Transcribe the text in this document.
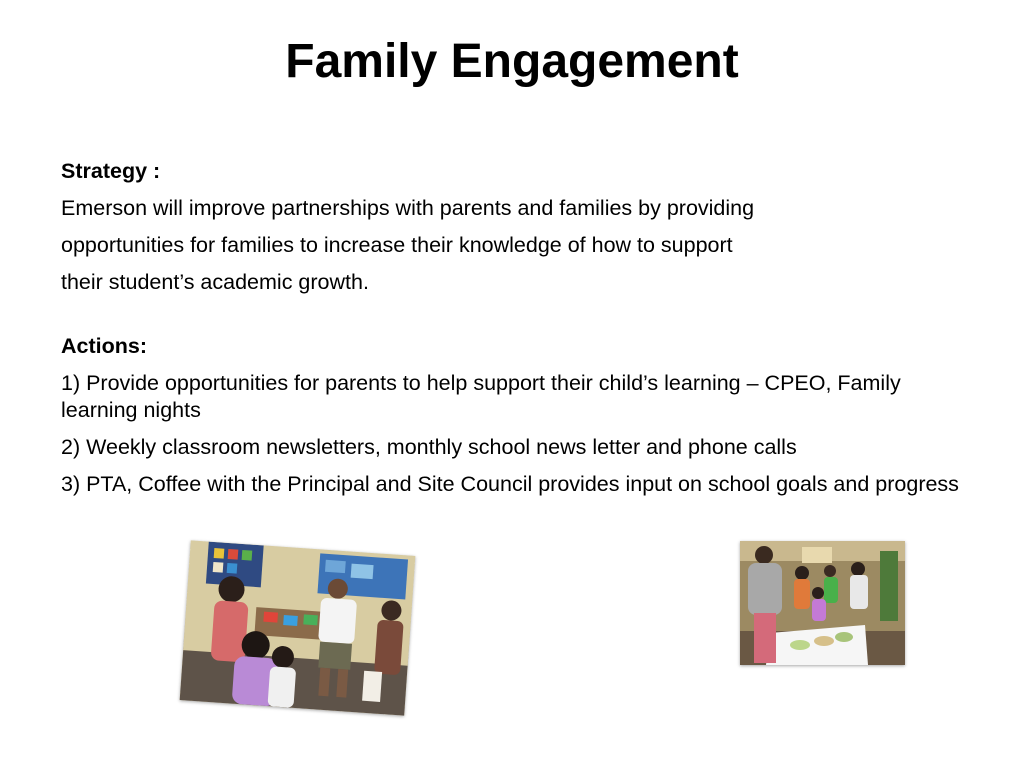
Family Engagement
Strategy :
Emerson will improve partnerships with parents and families by providing
opportunities for families to increase their knowledge of how to support
their student’s academic growth.
Actions:
1) Provide opportunities for parents to help support their child’s learning – CPEO, Family learning nights
2) Weekly classroom newsletters, monthly school news letter and phone calls
3) PTA, Coffee with the Principal and Site Council provides input on school goals and progress
